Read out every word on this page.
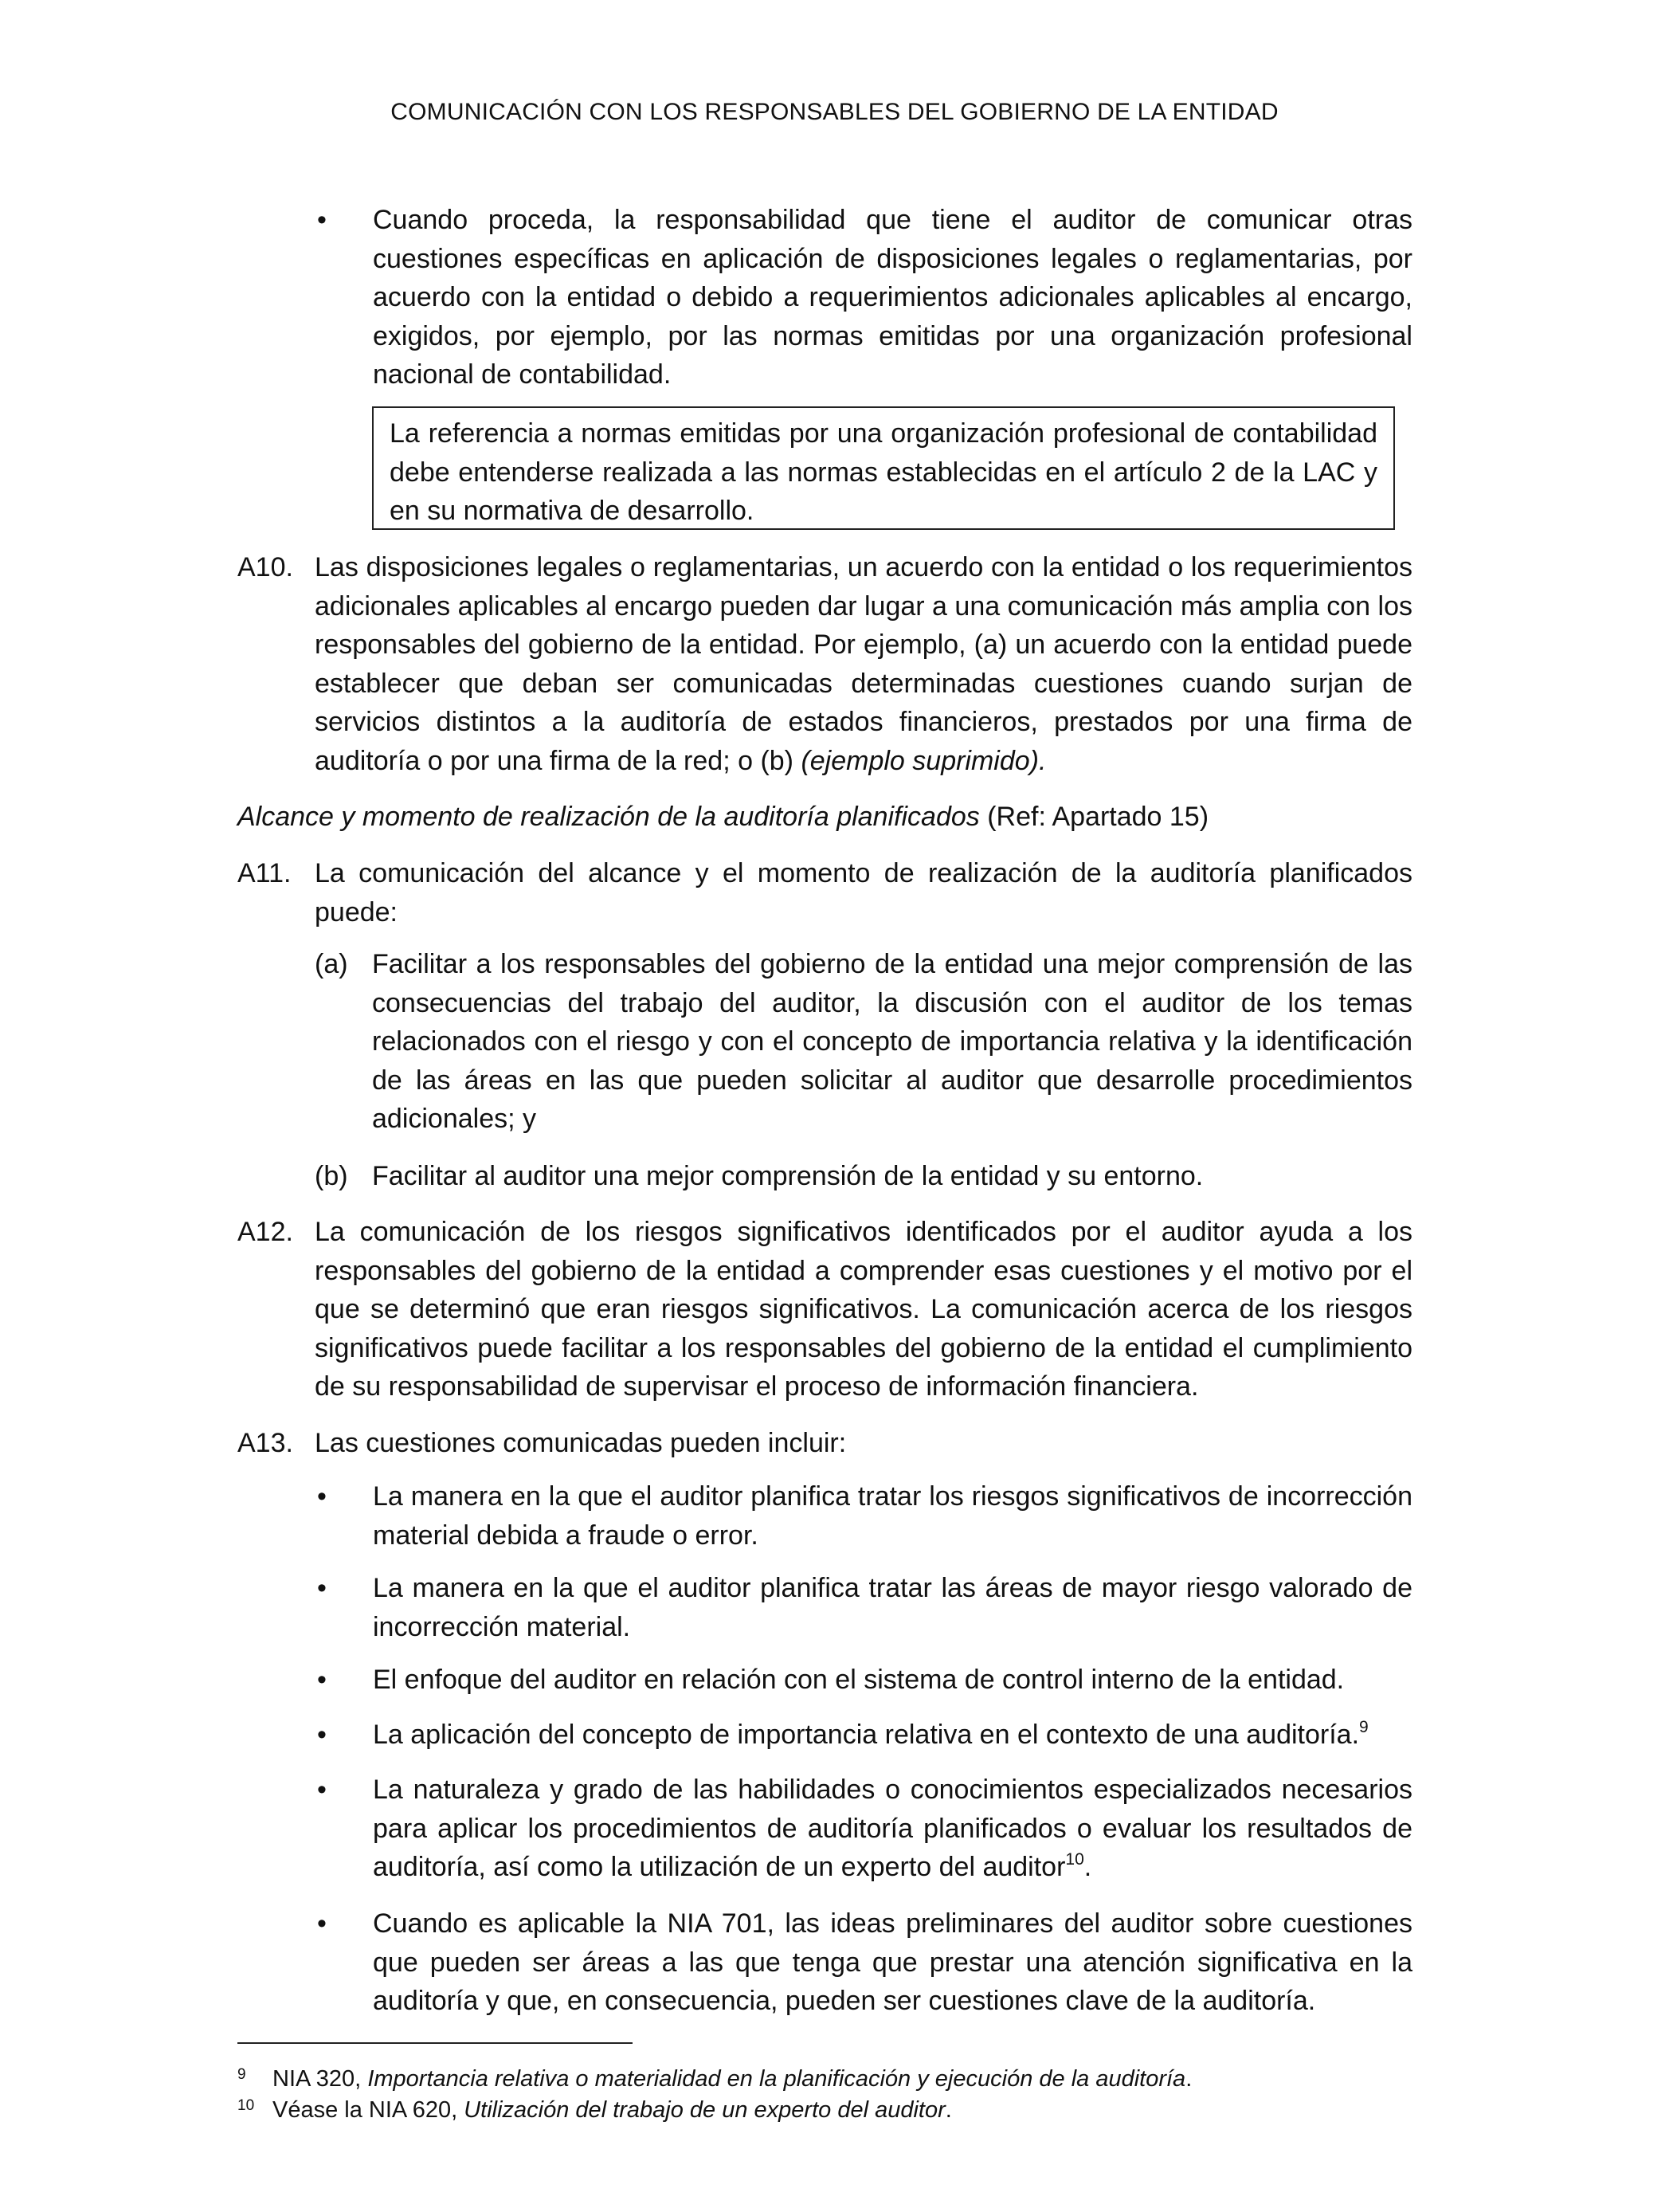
COMUNICACIÓN CON LOS RESPONSABLES DEL GOBIERNO DE LA ENTIDAD
•	Cuando proceda, la responsabilidad que tiene el auditor de comunicar otras cuestiones específicas en aplicación de disposiciones legales o reglamentarias, por acuerdo con la entidad o debido a requerimientos adicionales aplicables al encargo, exigidos, por ejemplo, por las normas emitidas por una organización profesional nacional de contabilidad.
La referencia a normas emitidas por una organización profesional de contabilidad debe entenderse realizada a las normas establecidas en el artículo 2 de la LAC y en su normativa de desarrollo.
A10. Las disposiciones legales o reglamentarias, un acuerdo con la entidad o los requerimientos adicionales aplicables al encargo pueden dar lugar a una comunicación más amplia con los responsables del gobierno de la entidad. Por ejemplo, (a) un acuerdo con la entidad puede establecer que deban ser comunicadas determinadas cuestiones cuando surjan de servicios distintos a la auditoría de estados financieros, prestados por una firma de auditoría o por una firma de la red; o (b) (ejemplo suprimido).
Alcance y momento de realización de la auditoría planificados (Ref: Apartado 15)
A11. La comunicación del alcance y el momento de realización de la auditoría planificados puede:
(a) Facilitar a los responsables del gobierno de la entidad una mejor comprensión de las consecuencias del trabajo del auditor, la discusión con el auditor de los temas relacionados con el riesgo y con el concepto de importancia relativa y la identificación de las áreas en las que pueden solicitar al auditor que desarrolle procedimientos adicionales; y
(b) Facilitar al auditor una mejor comprensión de la entidad y su entorno.
A12. La comunicación de los riesgos significativos identificados por el auditor ayuda a los responsables del gobierno de la entidad a comprender esas cuestiones y el motivo por el que se determinó que eran riesgos significativos. La comunicación acerca de los riesgos significativos puede facilitar a los responsables del gobierno de la entidad el cumplimiento de su responsabilidad de supervisar el proceso de información financiera.
A13. Las cuestiones comunicadas pueden incluir:
•	La manera en la que el auditor planifica tratar los riesgos significativos de incorrección material debida a fraude o error.
•	La manera en la que el auditor planifica tratar las áreas de mayor riesgo valorado de incorrección material.
•	El enfoque del auditor en relación con el sistema de control interno de la entidad.
•	La aplicación del concepto de importancia relativa en el contexto de una auditoría.$^9$
•	La naturaleza y grado de las habilidades o conocimientos especializados necesarios para aplicar los procedimientos de auditoría planificados o evaluar los resultados de auditoría, así como la utilización de un experto del auditor$^{10}$.
•	Cuando es aplicable la NIA 701, las ideas preliminares del auditor sobre cuestiones que pueden ser áreas a las que tenga que prestar una atención significativa en la auditoría y que, en consecuencia, pueden ser cuestiones clave de la auditoría.
9 NIA 320, Importancia relativa o materialidad en la planificación y ejecución de la auditoría.
10 Véase la NIA 620, Utilización del trabajo de un experto del auditor.
